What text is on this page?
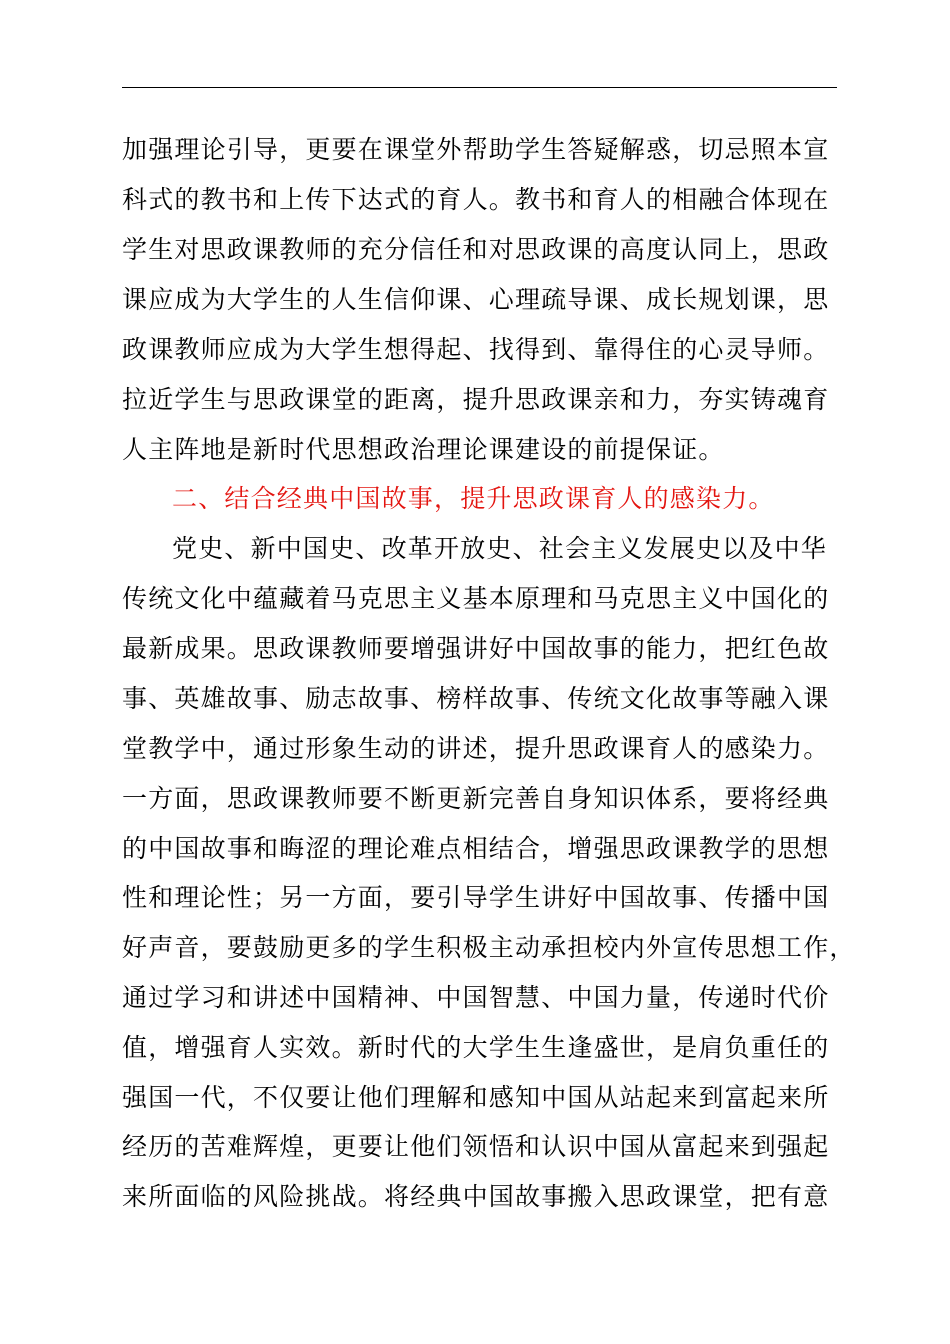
加强理论引导，更要在课堂外帮助学生答疑解惑，切忌照本宣
科式的教书和上传下达式的育人。教书和育人的相融合体现在
学生对思政课教师的充分信任和对思政课的高度认同上，思政
课应成为大学生的人生信仰课、心理疏导课、成长规划课，思
政课教师应成为大学生想得起、找得到、靠得住的心灵导师。
拉近学生与思政课堂的距离，提升思政课亲和力，夯实铸魂育
人主阵地是新时代思想政治理论课建设的前提保证。
二、结合经典中国故事，提升思政课育人的感染力。
党史、新中国史、改革开放史、社会主义发展史以及中华
传统文化中蕴藏着马克思主义基本原理和马克思主义中国化的
最新成果。思政课教师要增强讲好中国故事的能力，把红色故
事、英雄故事、励志故事、榜样故事、传统文化故事等融入课
堂教学中，通过形象生动的讲述，提升思政课育人的感染力。
一方面，思政课教师要不断更新完善自身知识体系，要将经典
的中国故事和晦涩的理论难点相结合，增强思政课教学的思想
性和理论性；另一方面，要引导学生讲好中国故事、传播中国
好声音，要鼓励更多的学生积极主动承担校内外宣传思想工作，
通过学习和讲述中国精神、中国智慧、中国力量，传递时代价
值，增强育人实效。新时代的大学生生逢盛世，是肩负重任的
强国一代，不仅要让他们理解和感知中国从站起来到富起来所
经历的苦难辉煌，更要让他们领悟和认识中国从富起来到强起
来所面临的风险挑战。将经典中国故事搬入思政课堂，把有意
